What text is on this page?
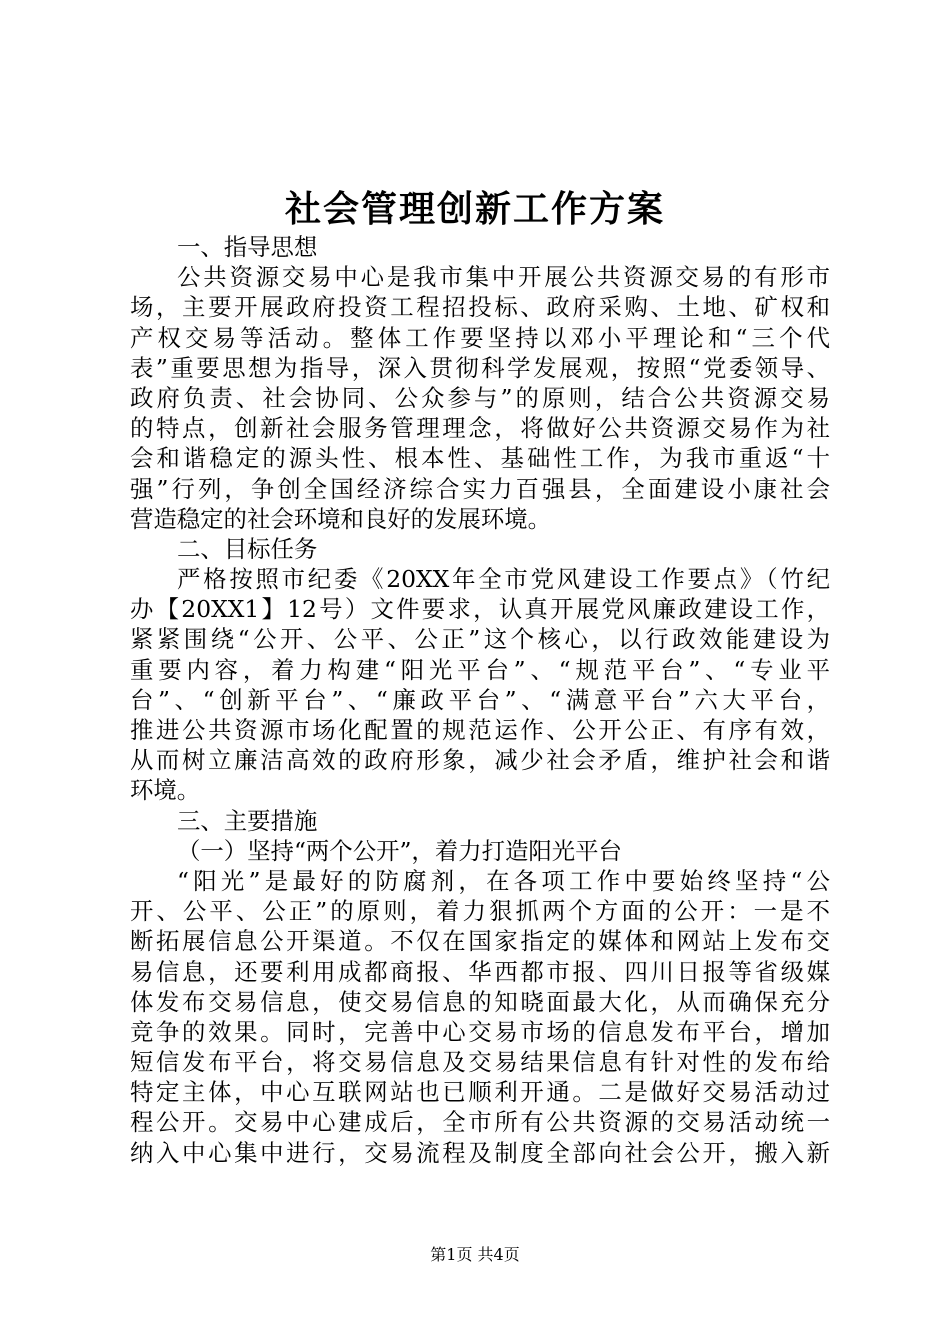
社会管理创新工作方案
一、指导思想
公共资源交易中心是我市集中开展公共资源交易的有形市
场，主要开展政府投资工程招投标、政府采购、土地、矿权和
产权交易等活动。整体工作要坚持以邓小平理论和“三个代
表”重要思想为指导，深入贯彻科学发展观，按照“党委领导、
政府负责、社会协同、公众参与”的原则，结合公共资源交易
的特点，创新社会服务管理理念，将做好公共资源交易作为社
会和谐稳定的源头性、根本性、基础性工作，为我市重返“十
强”行列，争创全国经济综合实力百强县，全面建设小康社会
营造稳定的社会环境和良好的发展环境。
二、目标任务
严格按照市纪委《20XX年全市党风建设工作要点》（竹纪
办【20XX1】12号）文件要求，认真开展党风廉政建设工作，
紧紧围绕“公开、公平、公正”这个核心，以行政效能建设为
重要内容，着力构建“阳光平台”、“规范平台”、“专业平
台”、“创新平台”、“廉政平台”、“满意平台”六大平台，
推进公共资源市场化配置的规范运作、公开公正、有序有效，
从而树立廉洁高效的政府形象，减少社会矛盾，维护社会和谐
环境。
三、主要措施
（一）坚持“两个公开”，着力打造阳光平台
“阳光”是最好的防腐剂，在各项工作中要始终坚持“公
开、公平、公正”的原则，着力狠抓两个方面的公开：一是不
断拓展信息公开渠道。不仅在国家指定的媒体和网站上发布交
易信息，还要利用成都商报、华西都市报、四川日报等省级媒
体发布交易信息，使交易信息的知晓面最大化，从而确保充分
竞争的效果。同时，完善中心交易市场的信息发布平台，增加
短信发布平台，将交易信息及交易结果信息有针对性的发布给
特定主体，中心互联网站也已顺利开通。二是做好交易活动过
程公开。交易中心建成后，全市所有公共资源的交易活动统一
纳入中心集中进行，交易流程及制度全部向社会公开，搬入新
第1页 共4页
